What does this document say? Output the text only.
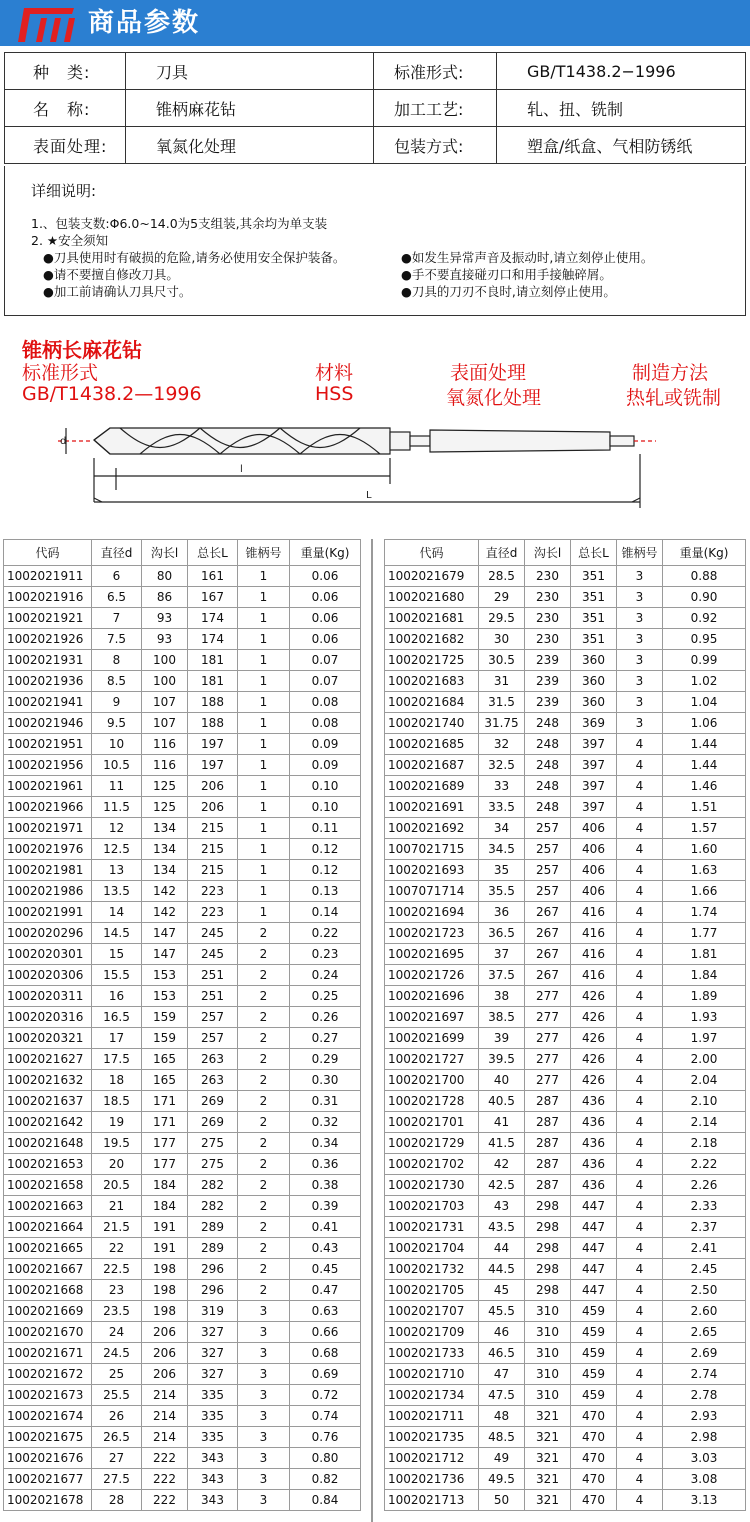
商品参数
种　类:	刀具	标准形式:	GB/T1438.2−1996
名　称:	锥柄麻花钻	加工工艺:	轧、扭、铣制
表面处理:	氧氮化处理	包装方式:	塑盒/纸盒、气相防锈纸
详细说明:
1.、包装支数:Φ6.0~14.0为5支组装,其余均为单支装
2. ★安全须知
●刀具使用时有破损的危险,请务必使用安全保护装备。
●请不要擅自修改刀具。
●加工前请确认刀具尺寸。
●如发生异常声音及振动时,请立刻停止使用。
●手不要直接碰刃口和用手接触碎屑。
●刀具的刀刃不良时,请立刻停止使用。
锥柄长麻花钻
标准形式
GB/T1438.2—1996
材料
HSS
表面处理
氧氮化处理
制造方法
热轧或铣制
d
l
L
代码	直径d	沟长l	总长L	锥柄号	重量(Kg)
1002021911	6	80	161	1	0.06
1002021916	6.5	86	167	1	0.06
1002021921	7	93	174	1	0.06
1002021926	7.5	93	174	1	0.06
1002021931	8	100	181	1	0.07
1002021936	8.5	100	181	1	0.07
1002021941	9	107	188	1	0.08
1002021946	9.5	107	188	1	0.08
1002021951	10	116	197	1	0.09
1002021956	10.5	116	197	1	0.09
1002021961	11	125	206	1	0.10
1002021966	11.5	125	206	1	0.10
1002021971	12	134	215	1	0.11
1002021976	12.5	134	215	1	0.12
1002021981	13	134	215	1	0.12
1002021986	13.5	142	223	1	0.13
1002021991	14	142	223	1	0.14
1002020296	14.5	147	245	2	0.22
1002020301	15	147	245	2	0.23
1002020306	15.5	153	251	2	0.24
1002020311	16	153	251	2	0.25
1002020316	16.5	159	257	2	0.26
1002020321	17	159	257	2	0.27
1002021627	17.5	165	263	2	0.29
1002021632	18	165	263	2	0.30
1002021637	18.5	171	269	2	0.31
1002021642	19	171	269	2	0.32
1002021648	19.5	177	275	2	0.34
1002021653	20	177	275	2	0.36
1002021658	20.5	184	282	2	0.38
1002021663	21	184	282	2	0.39
1002021664	21.5	191	289	2	0.41
1002021665	22	191	289	2	0.43
1002021667	22.5	198	296	2	0.45
1002021668	23	198	296	2	0.47
1002021669	23.5	198	319	3	0.63
1002021670	24	206	327	3	0.66
1002021671	24.5	206	327	3	0.68
1002021672	25	206	327	3	0.69
1002021673	25.5	214	335	3	0.72
1002021674	26	214	335	3	0.74
1002021675	26.5	214	335	3	0.76
1002021676	27	222	343	3	0.80
1002021677	27.5	222	343	3	0.82
1002021678	28	222	343	3	0.84
代码	直径d	沟长l	总长L	锥柄号	重量(Kg)
1002021679	28.5	230	351	3	0.88
1002021680	29	230	351	3	0.90
1002021681	29.5	230	351	3	0.92
1002021682	30	230	351	3	0.95
1002021725	30.5	239	360	3	0.99
1002021683	31	239	360	3	1.02
1002021684	31.5	239	360	3	1.04
1002021740	31.75	248	369	3	1.06
1002021685	32	248	397	4	1.44
1002021687	32.5	248	397	4	1.44
1002021689	33	248	397	4	1.46
1002021691	33.5	248	397	4	1.51
1002021692	34	257	406	4	1.57
1007021715	34.5	257	406	4	1.60
1002021693	35	257	406	4	1.63
1007071714	35.5	257	406	4	1.66
1002021694	36	267	416	4	1.74
1002021723	36.5	267	416	4	1.77
1002021695	37	267	416	4	1.81
1002021726	37.5	267	416	4	1.84
1002021696	38	277	426	4	1.89
1002021697	38.5	277	426	4	1.93
1002021699	39	277	426	4	1.97
1002021727	39.5	277	426	4	2.00
1002021700	40	277	426	4	2.04
1002021728	40.5	287	436	4	2.10
1002021701	41	287	436	4	2.14
1002021729	41.5	287	436	4	2.18
1002021702	42	287	436	4	2.22
1002021730	42.5	287	436	4	2.26
1002021703	43	298	447	4	2.33
1002021731	43.5	298	447	4	2.37
1002021704	44	298	447	4	2.41
1002021732	44.5	298	447	4	2.45
1002021705	45	298	447	4	2.50
1002021707	45.5	310	459	4	2.60
1002021709	46	310	459	4	2.65
1002021733	46.5	310	459	4	2.69
1002021710	47	310	459	4	2.74
1002021734	47.5	310	459	4	2.78
1002021711	48	321	470	4	2.93
1002021735	48.5	321	470	4	2.98
1002021712	49	321	470	4	3.03
1002021736	49.5	321	470	4	3.08
1002021713	50	321	470	4	3.13
